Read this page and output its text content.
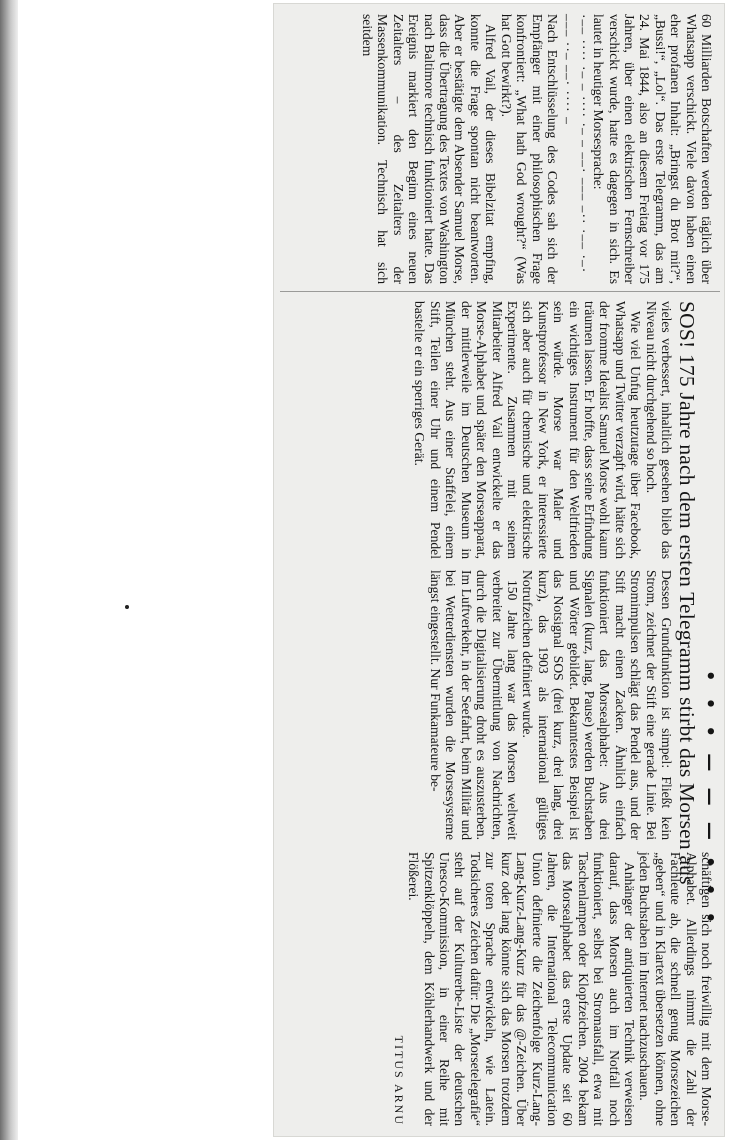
60 Milliarden Botschaften werden täglich über Whatsapp verschickt. Viele davon haben einen eher profanen Inhalt: „Bringst du Brot mit?“, „Bussi!“, „Lol“. Das erste Telegramm, das am 24. Mai 1844, also an diesem Freitag vor 175 Jahren, über einen elektrischen Fernschreiber verschickt wurde, hatte es dagegen in sich. Es lautet in heutiger Morsesprache:

·–– ···· ·– – ···· ·– – ––· ––– –·· ·–– ·–· ––– ··– ––· ···· –

Nach Entschlüsselung des Codes sah sich der Empfänger mit einer philosophischen Frage konfrontiert: „What hath God wrought?“ (Was hat Gott bewirkt?).

Alfred Vail, der dieses Bibelzitat empfing, konnte die Frage spontan nicht beantworten. Aber er bestätigte dem Absender Samuel Morse, dass die Übertragung des Textes von Washington nach Baltimore technisch funktioniert hatte. Das Ereignis markiert den Beginn eines neuen Zeitalters – des Zeitalters der Massenkommunikation. Technisch hat sich seitdem

• • • — — — • • •
SOS! 175 Jahre nach dem ersten Telegramm stirbt das Morsen aus

vieles verbessert, inhaltlich gesehen blieb das Niveau nicht durchgehend so hoch.

Wie viel Unfug heutzutage über Facebook, Whatsapp und Twitter verzapft wird, hätte sich der fromme Idealist Samuel Morse wohl kaum träumen lassen. Er hoffte, dass seine Erfindung ein wichtiges Instrument für den Weltfrieden sein würde. Morse war Maler und Kunstprofessor in New York, er interessierte sich aber auch für chemische und elektrische Experimente. Zusammen mit seinem Mitarbeiter Alfred Vail entwickelte er das Morse-Alphabet und später den Morseapparat, der mittlerweile im Deutschen Museum in München steht. Aus einer Staffelei, einem Stift, Teilen einer Uhr und einem Pendel bastelte er ein sperriges Gerät.

Dessen Grundfunktion ist simpel: Fließt kein Strom, zeichnet der Stift eine gerade Linie. Bei Stromimpulsen schlägt das Pendel aus, und der Stift macht einen Zacken. Ähnlich einfach funktioniert das Morsealphabet: Aus drei Signalen (kurz, lang, Pause) werden Buchstaben und Wörter gebildet. Bekanntestes Beispiel ist das Notsignal SOS (drei kurz, drei lang, drei kurz), das 1903 als international gültiges Notrufzeichen definiert wurde.

150 Jahre lang war das Morsen weltweit verbreitet zur Übermittlung von Nachrichten, durch die Digitalisierung droht es auszusterben. Im Luftverkehr, in der Seefahrt, beim Militär und bei Wetterdiensten wurden die Morsesysteme längst eingestellt. Nur Funkamateure be-

schäftigen sich noch freiwillig mit dem Morse-Alphabet. Allerdings nimmt die Zahl der Fachleute ab, die schnell genug Morsezeichen „geben“ und in Klartext übersetzen können, ohne jeden Buchstaben im Internet nachzuschauen.

Anhänger der antiquierten Technik verweisen darauf, dass Morsen auch im Notfall noch funktioniert, selbst bei Stromausfall, etwa mit Taschenlampen oder Klopfzeichen. 2004 bekam das Morsealphabet das erste Update seit 60 Jahren, die International Telecommunication Union definierte die Zeichenfolge Kurz-Lang-Lang-Kurz-Lang-Kurz für das @-Zeichen. Über kurz oder lang könnte sich das Morsen trotzdem zur toten Sprache entwickeln, wie Latein. Todsicheres Zeichen dafür: Die „Morsetelegrafie“ steht auf der Kulturerbe-Liste der deutschen Unesco-Kommission, in einer Reihe mit Spitzenklöppeln, dem Köhlerhandwerk und der Flößerei.

TITUS ARNU
